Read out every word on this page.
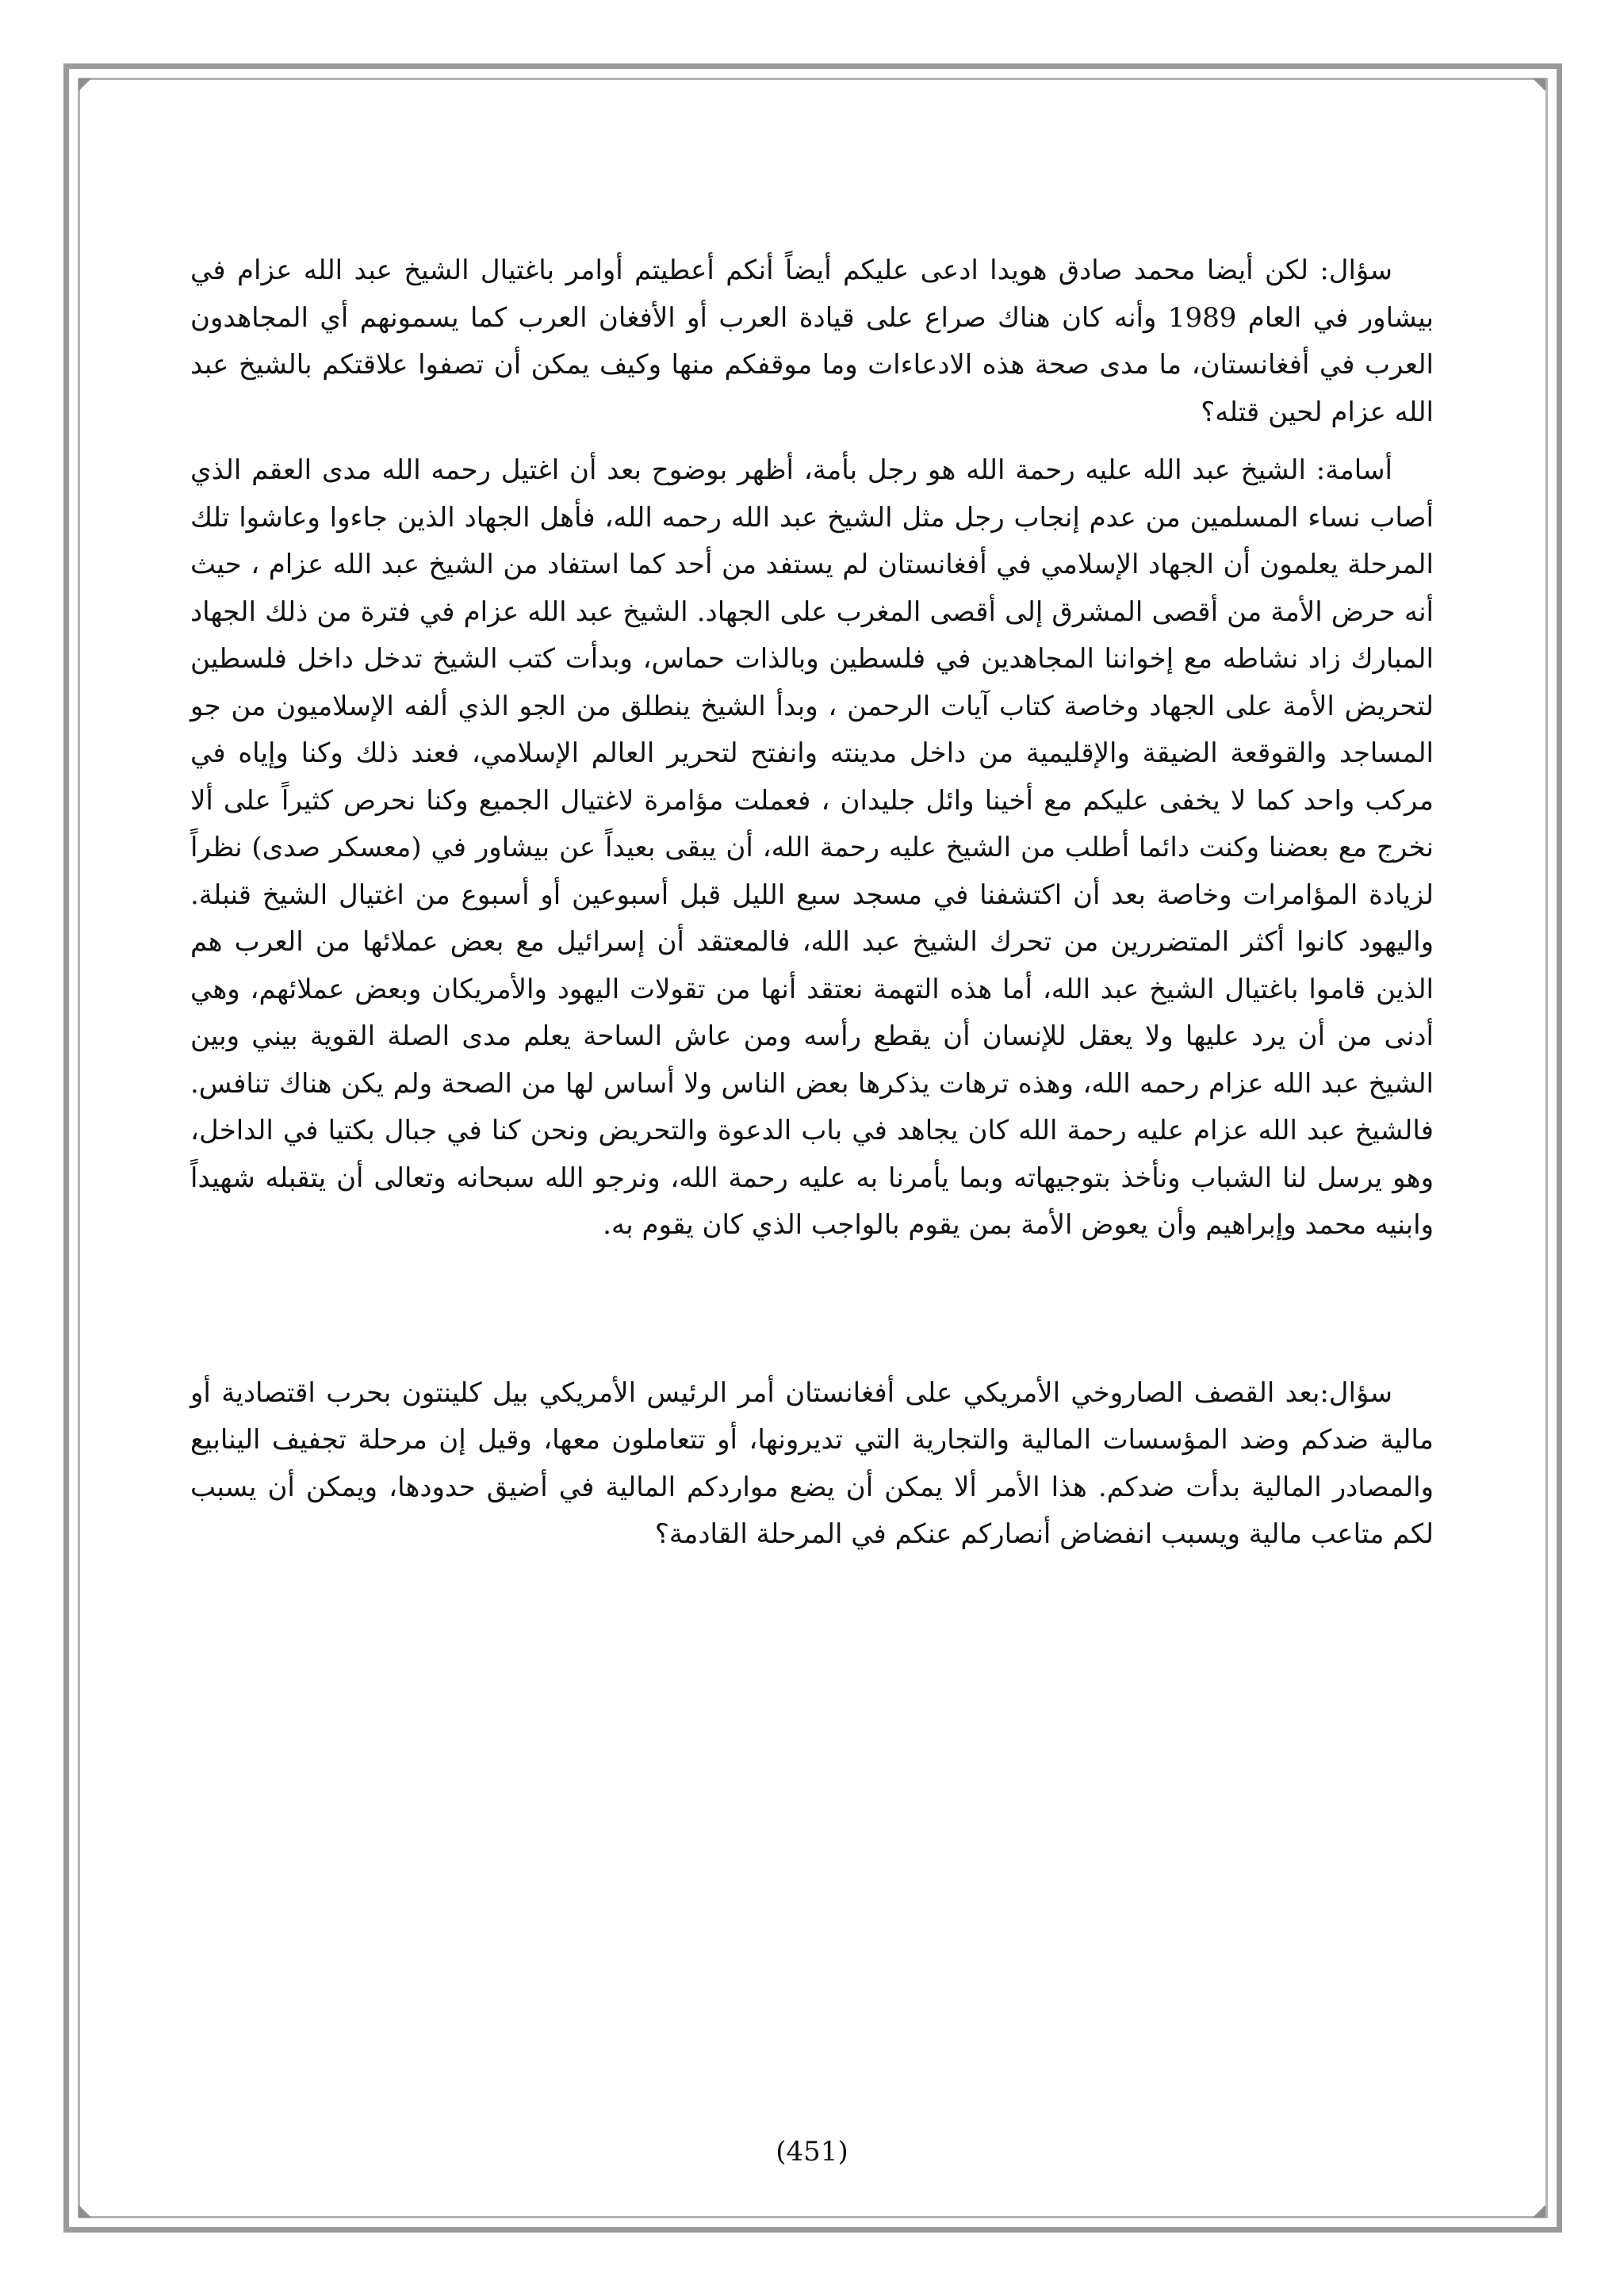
سؤال: لكن أيضا محمد صادق هويدا ادعى عليكم أيضاً أنكم أعطيتم أوامر باغتيال الشيخ عبد الله عزام في بيشاور في العام 1989 وأنه كان هناك صراع على قيادة العرب أو الأفغان العرب كما يسمونهم أي المجاهدون العرب في أفغانستان، ما مدى صحة هذه الادعاءات وما موقفكم منها وكيف يمكن أن تصفوا علاقتكم بالشيخ عبد الله عزام لحين قتله؟

أسامة: الشيخ عبد الله عليه رحمة الله هو رجل بأمة، أظهر بوضوح بعد أن اغتيل رحمه الله مدى العقم الذي أصاب نساء المسلمين من عدم إنجاب رجل مثل الشيخ عبد الله رحمه الله، فأهل الجهاد الذين جاءوا وعاشوا تلك المرحلة يعلمون أن الجهاد الإسلامي في أفغانستان لم يستفد من أحد كما استفاد من الشيخ عبد الله عزام ، حيث أنه حرض الأمة من أقصى المشرق إلى أقصى المغرب على الجهاد. الشيخ عبد الله عزام في فترة من ذلك الجهاد المبارك زاد نشاطه مع إخواننا المجاهدين في فلسطين وبالذات حماس، وبدأت كتب الشيخ تدخل داخل فلسطين لتحريض الأمة على الجهاد وخاصة كتاب آيات الرحمن ، وبدأ الشيخ ينطلق من الجو الذي ألفه الإسلاميون من جو المساجد والقوقعة الضيقة والإقليمية من داخل مدينته وانفتح لتحرير العالم الإسلامي، فعند ذلك وكنا وإياه في مركب واحد كما لا يخفى عليكم مع أخينا وائل جليدان ، فعملت مؤامرة لاغتيال الجميع وكنا نحرص كثيراً على ألا نخرج مع بعضنا وكنت دائما أطلب من الشيخ عليه رحمة الله، أن يبقى بعيداً عن بيشاور في (معسكر صدى) نظراً لزيادة المؤامرات وخاصة بعد أن اكتشفنا في مسجد سبع الليل قبل أسبوعين أو أسبوع من اغتيال الشيخ قنبلة. واليهود كانوا أكثر المتضررين من تحرك الشيخ عبد الله، فالمعتقد أن إسرائيل مع بعض عملائها من العرب هم الذين قاموا باغتيال الشيخ عبد الله، أما هذه التهمة نعتقد أنها من تقولات اليهود والأمريكان وبعض عملائهم، وهي أدنى من أن يرد عليها ولا يعقل للإنسان أن يقطع رأسه ومن عاش الساحة يعلم مدى الصلة القوية بيني وبين الشيخ عبد الله عزام رحمه الله، وهذه ترهات يذكرها بعض الناس ولا أساس لها من الصحة ولم يكن هناك تنافس. فالشيخ عبد الله عزام عليه رحمة الله كان يجاهد في باب الدعوة والتحريض ونحن كنا في جبال بكتيا في الداخل، وهو يرسل لنا الشباب ونأخذ بتوجيهاته وبما يأمرنا به عليه رحمة الله، ونرجو الله سبحانه وتعالى أن يتقبله شهيداً وابنيه محمد وإبراهيم وأن يعوض الأمة بمن يقوم بالواجب الذي كان يقوم به.

سؤال:بعد القصف الصاروخي الأمريكي على أفغانستان أمر الرئيس الأمريكي بيل كلينتون بحرب اقتصادية أو مالية ضدكم وضد المؤسسات المالية والتجارية التي تديرونها، أو تتعاملون معها، وقيل إن مرحلة تجفيف الينابيع والمصادر المالية بدأت ضدكم. هذا الأمر ألا يمكن أن يضع مواردكم المالية في أضيق حدودها، ويمكن أن يسبب لكم متاعب مالية ويسبب انفضاض أنصاركم عنكم في المرحلة القادمة؟

(451)
